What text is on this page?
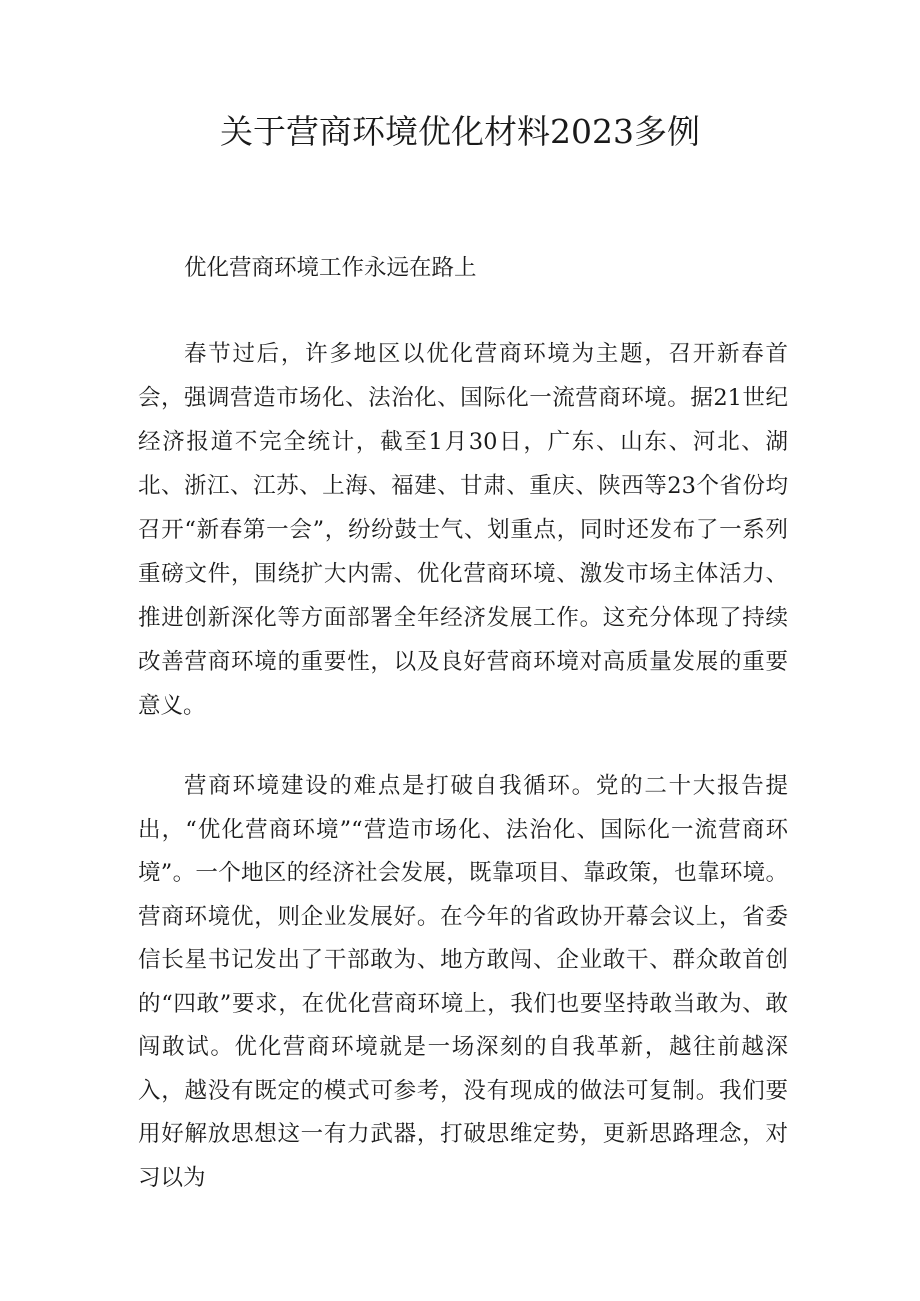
关于营商环境优化材料2023多例

优化营商环境工作永远在路上

春节过后，许多地区以优化营商环境为主题，召开新春首会，强调营造市场化、法治化、国际化一流营商环境。据21世纪经济报道不完全统计，截至1月30日，广东、山东、河北、湖北、浙江、江苏、上海、福建、甘肃、重庆、陕西等23个省份均召开“新春第一会”，纷纷鼓士气、划重点，同时还发布了一系列重磅文件，围绕扩大内需、优化营商环境、激发市场主体活力、推进创新深化等方面部署全年经济发展工作。这充分体现了持续改善营商环境的重要性，以及良好营商环境对高质量发展的重要意义。

营商环境建设的难点是打破自我循环。党的二十大报告提出，“优化营商环境”“营造市场化、法治化、国际化一流营商环境”。一个地区的经济社会发展，既靠项目、靠政策，也靠环境。营商环境优，则企业发展好。在今年的省政协开幕会议上，省委信长星书记发出了干部敢为、地方敢闯、企业敢干、群众敢首创的“四敢”要求，在优化营商环境上，我们也要坚持敢当敢为、敢闯敢试。优化营商环境就是一场深刻的自我革新，越往前越深入，越没有既定的模式可参考，没有现成的做法可复制。我们要用好解放思想这一有力武器，打破思维定势，更新思路理念，对习以为
